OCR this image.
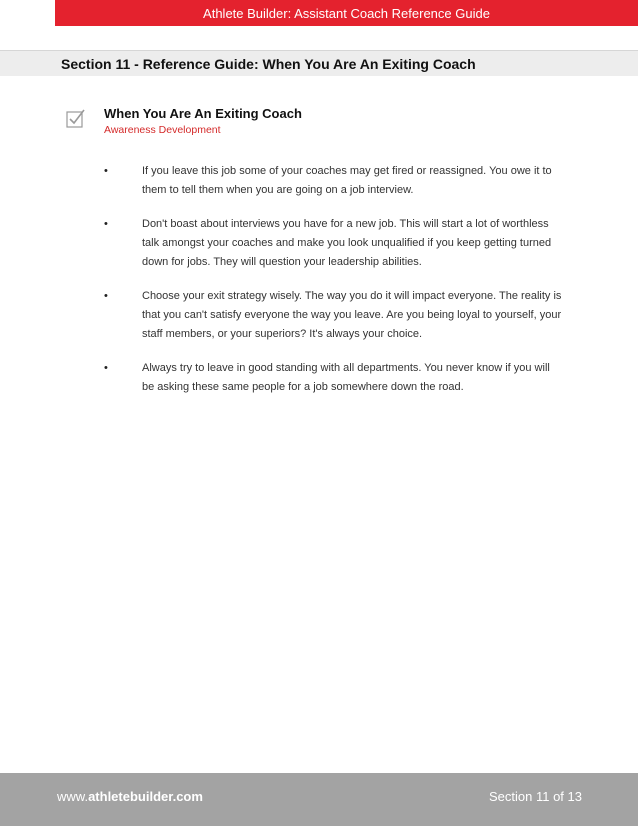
Athlete Builder: Assistant Coach Reference Guide
Section 11 - Reference Guide: When You Are An Exiting Coach
When You Are An Exiting Coach
Awareness Development
•	If you leave this job some of your coaches may get fired or reassigned. You owe it to them to tell them when you are going on a job interview.
•	Don't boast about interviews you have for a new job. This will start a lot of worthless talk amongst your coaches and make you look unqualified if you keep getting turned down for jobs. They will question your leadership abilities.
•	Choose your exit strategy wisely. The way you do it will impact everyone. The reality is that you can't satisfy everyone the way you leave. Are you being loyal to yourself, your staff members, or your superiors? It's always your choice.
•	Always try to leave in good standing with all departments. You never know if you will be asking these same people for a job somewhere down the road.
www.athletebuilder.com	Section 11 of 13
